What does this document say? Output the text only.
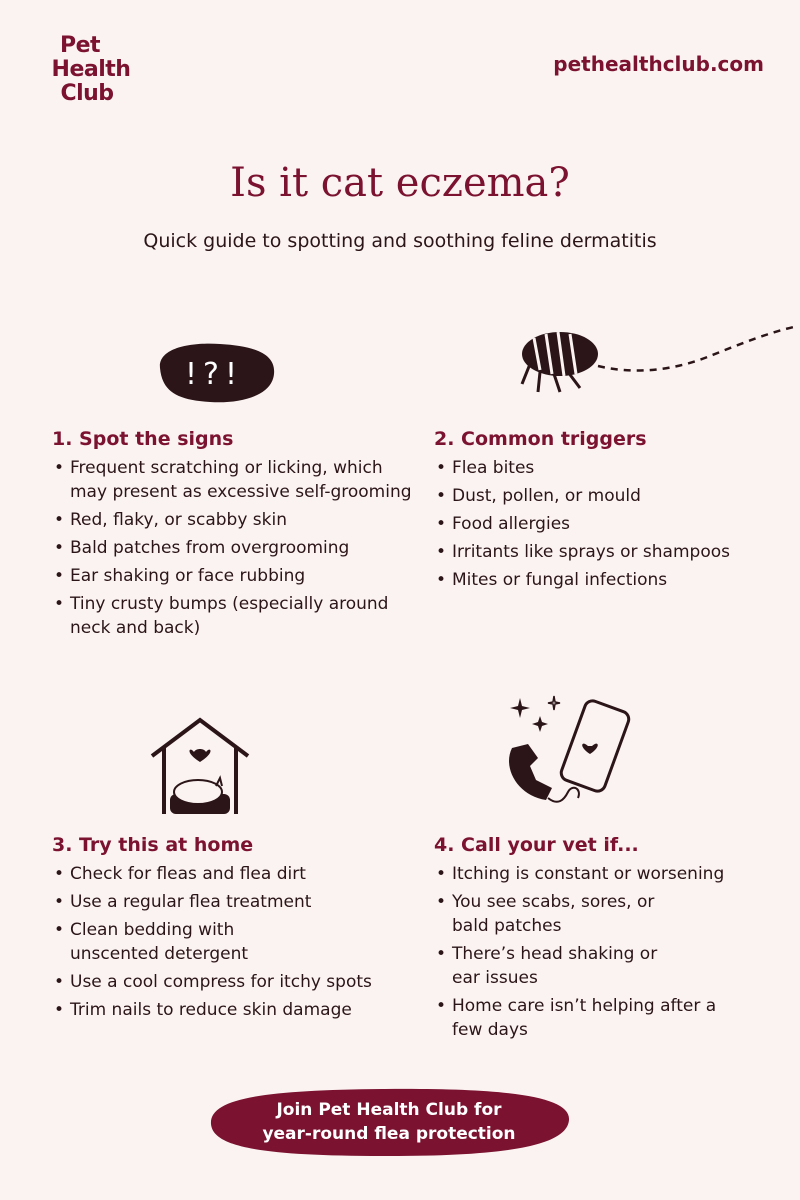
Pet
Health
Club
pethealthclub.com
Is it cat eczema?
Quick guide to spotting and soothing feline dermatitis
!?!
1. Spot the signs
• Frequent scratching or licking, which may present as excessive self-grooming
• Red, flaky, or scabby skin
• Bald patches from overgrooming
• Ear shaking or face rubbing
• Tiny crusty bumps (especially around neck and back)
2. Common triggers
• Flea bites
• Dust, pollen, or mould
• Food allergies
• Irritants like sprays or shampoos
• Mites or fungal infections
3. Try this at home
• Check for fleas and flea dirt
• Use a regular flea treatment
• Clean bedding with unscented detergent
• Use a cool compress for itchy spots
• Trim nails to reduce skin damage
4. Call your vet if...
• Itching is constant or worsening
• You see scabs, sores, or bald patches
• There’s head shaking or ear issues
• Home care isn’t helping after a few days
Join Pet Health Club for
year-round flea protection
